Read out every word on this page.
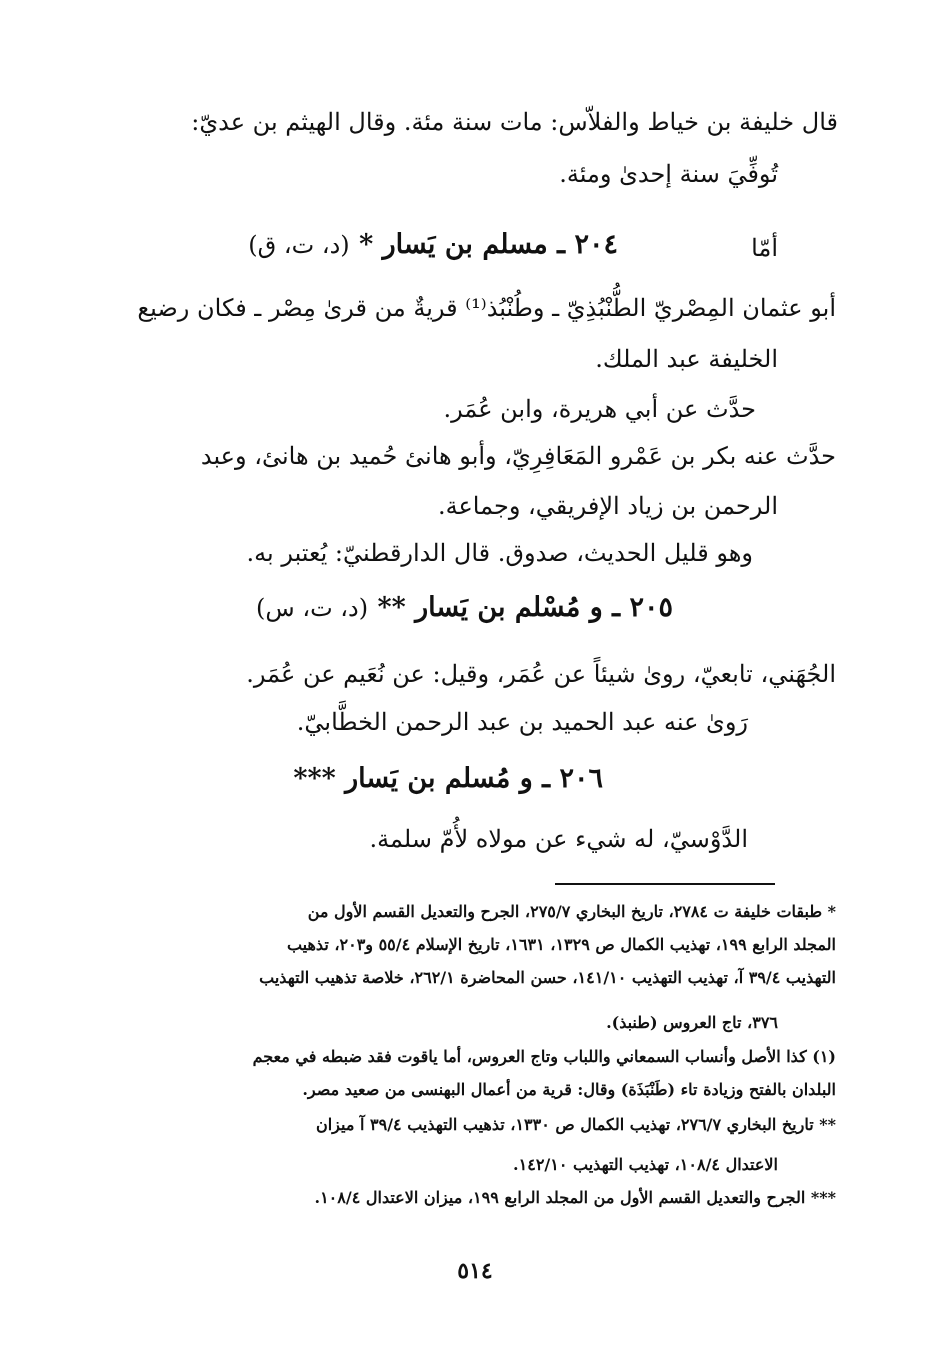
قال خليفة بن خياط والفلاّس: مات سنة مئة. وقال الهيثم بن عديّ:
تُوفِّيَ سنة إحدىٰ ومئة.
أمّا
٢٠٤ ـ مسلم بن يَسار * (د، ت، ق)
أبو عثمان المِصْريّ الطُّنْبُذِيّ ـ وطُنْبُذ⁽¹⁾ قريةٌ من قرىٰ مِصْر ـ فكان رضيع
الخليفة عبد الملك.
حدَّث عن أبي هريرة، وابن عُمَر.
حدَّث عنه بكر بن عَمْرو المَعَافِرِيّ، وأبو هانئ حُميد بن هانئ، وعبد
الرحمن بن زياد الإفريقي، وجماعة.
وهو قليل الحديث، صدوق. قال الدارقطنيّ: يُعتبر به.
٢٠٥ ـ و مُسْلم بن يَسار ** (د، ت، س)
الجُهَني، تابعيّ، روىٰ شيئاً عن عُمَر، وقيل: عن نُعَيم عن عُمَر.
رَوىٰ عنه عبد الحميد بن عبد الرحمن الخطَّابيّ.
٢٠٦ ـ و مُسلم بن يَسار ***
الدَّوْسيّ، له شيء عن مولاه لأُمّ سلمة.
* طبقات خليفة ت ٢٧٨٤، تاريخ البخاري ٢٧٥/٧، الجرح والتعديل القسم الأول من
المجلد الرابع ١٩٩، تهذيب الكمال ص ١٣٢٩، ١٦٣١، تاريخ الإسلام ٥٥/٤ و٢٠٣، تذهيب
التهذيب ٣٩/٤ آ، تهذيب التهذيب ١٤١/١٠، حسن المحاضرة ٢٦٢/١، خلاصة تذهيب التهذيب
٣٧٦، تاج العروس (طنبذ).
(١) كذا الأصل وأنساب السمعاني واللباب وتاج العروس، أما ياقوت فقد ضبطه في معجم
البلدان بالفتح وزيادة تاء (طَنْبَذَة) وقال: قرية من أعمال البهنسى من صعيد مصر.
** تاريخ البخاري ٢٧٦/٧، تهذيب الكمال ص ١٣٣٠، تذهيب التهذيب ٣٩/٤ آ ميزان
الاعتدال ١٠٨/٤، تهذيب التهذيب ١٤٢/١٠.
*** الجرح والتعديل القسم الأول من المجلد الرابع ١٩٩، ميزان الاعتدال ١٠٨/٤.
٥١٤
